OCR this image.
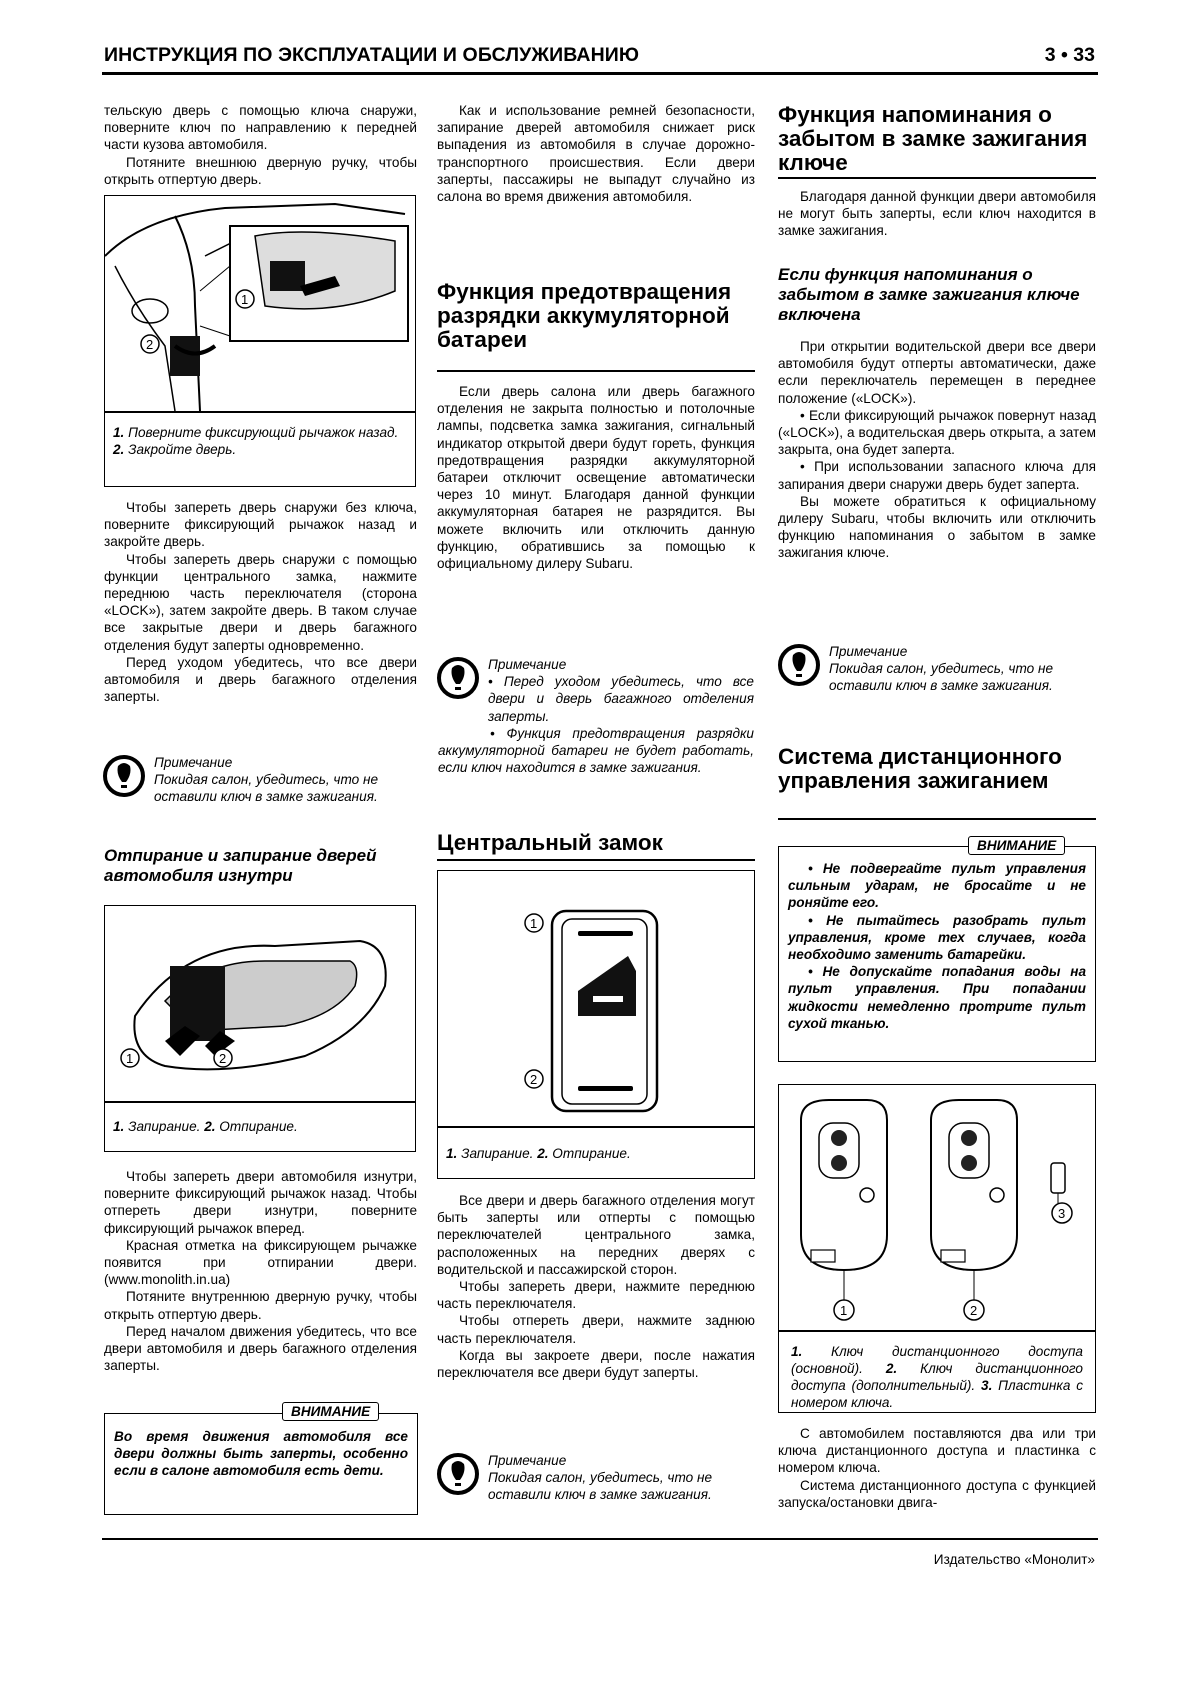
ИНСТРУКЦИЯ ПО ЭКСПЛУАТАЦИИ И ОБСЛУЖИВАНИЮ	3 • 33

тельскую дверь с помощью ключа снаружи, поверните ключ по направлению к передней части кузова автомобиля.

Потяните внешнюю дверную ручку, чтобы открыть отпертую дверь.

1
2
1. Поверните фиксирующий рычажок назад. 2. Закройте дверь.

Чтобы запереть дверь снаружи без ключа, поверните фиксирующий рычажок назад и закройте дверь.

Чтобы запереть дверь снаружи с помощью функции центрального замка, нажмите переднюю часть переключателя (сторона «LOCK»), затем закройте дверь. В таком случае все закрытые двери и дверь багажного отделения будут заперты одновременно.

Перед уходом убедитесь, что все двери автомобиля и дверь багажного отделения заперты.

Примечание
Покидая салон, убедитесь, что не оставили ключ в замке зажигания.

Отпирание и запирание дверей автомобиля изнутри

1	2
1. Запирание. 2. Отпирание.

Чтобы запереть двери автомобиля изнутри, поверните фиксирующий рычажок назад. Чтобы отпереть двери изнутри, поверните фиксирующий рычажок вперед.

Красная отметка на фиксирующем рычажке появится при отпирании двери. (www.monolith.in.ua)

Потяните внутреннюю дверную ручку, чтобы открыть отпертую дверь.

Перед началом движения убедитесь, что все двери автомобиля и дверь багажного отделения заперты.

ВНИМАНИЕ
Во время движения автомобиля все двери должны быть заперты, особенно если в салоне автомобиля есть дети.

Как и использование ремней безопасности, запирание дверей автомобиля снижает риск выпадения из автомобиля в случае дорожно-транспортного происшествия. Если двери заперты, пассажиры не выпадут случайно из салона во время движения автомобиля.

Функция предотвращения разрядки аккумуляторной батареи

Если дверь салона или дверь багажного отделения не закрыта полностью и потолочные лампы, подсветка замка зажигания, сигнальный индикатор открытой двери будут гореть, функция предотвращения разрядки аккумуляторной батареи отключит освещение автоматически через 10 минут. Благодаря данной функции аккумуляторная батарея не разрядится. Вы можете включить или отключить данную функцию, обратившись за помощью к официальному дилеру Subaru.

Примечание
• Перед уходом убедитесь, что все двери и дверь багажного отделения заперты.
• Функция предотвращения разрядки аккумуляторной батареи не будет работать, если ключ находится в замке зажигания.

Центральный замок

1
2
1. Запирание. 2. Отпирание.

Все двери и дверь багажного отделения могут быть заперты или отперты с помощью переключателей центрального замка, расположенных на передних дверях с водительской и пассажирской сторон.

Чтобы запереть двери, нажмите переднюю часть переключателя.

Чтобы отпереть двери, нажмите заднюю часть переключателя.

Когда вы закроете двери, после нажатия переключателя все двери будут заперты.

Примечание
Покидая салон, убедитесь, что не оставили ключ в замке зажигания.

Функция напоминания о забытом в замке зажигания ключе

Благодаря данной функции двери автомобиля не могут быть заперты, если ключ находится в замке зажигания.

Если функция напоминания о забытом в замке зажигания ключе включена

При открытии водительской двери все двери автомобиля будут отперты автоматически, даже если переключатель перемещен в переднее положение («LOCK»).

• Если фиксирующий рычажок повернут назад («LOCK»), а водительская дверь открыта, а затем закрыта, она будет заперта.

• При использовании запасного ключа для запирания двери снаружи дверь будет заперта.

Вы можете обратиться к официальному дилеру Subaru, чтобы включить или отключить функцию напоминания о забытом в замке зажигания ключе.

Примечание
Покидая салон, убедитесь, что не оставили ключ в замке зажигания.

Система дистанционного управления зажиганием

ВНИМАНИЕ
• Не подвергайте пульт управления сильным ударам, не бросайте и не роняйте его.
• Не пытайтесь разобрать пульт управления, кроме тех случаев, когда необходимо заменить батарейки.
• Не допускайте попадания воды на пульт управления. При попадании жидкости немедленно протрите пульт сухой тканью.
1	2
3
1. Ключ дистанционного доступа (основной). 2. Ключ дистанционного доступа (дополнительный). 3. Пластинка с номером ключа.

С автомобилем поставляются два или три ключа дистанционного доступа и пластинка с номером ключа.

Система дистанционного доступа с функцией запуска/остановки двига-

Издательство «Монолит»
